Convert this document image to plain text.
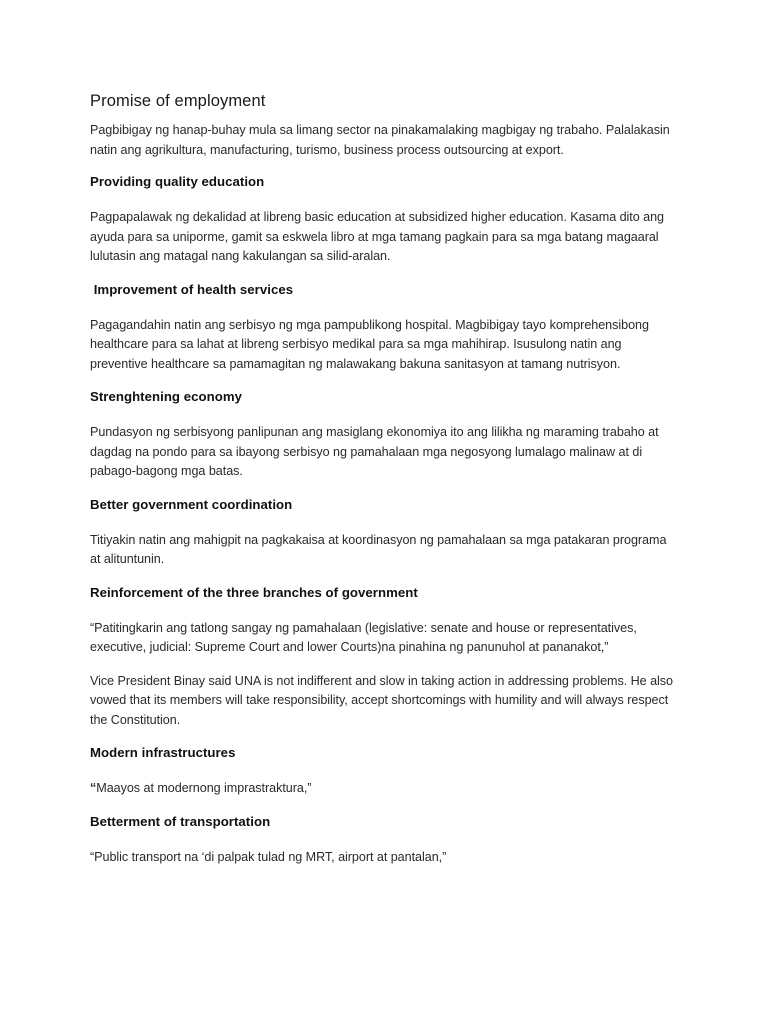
Promise of employment

Pagbibigay ng hanap-buhay mula sa limang sector na pinakamalaking magbigay ng trabaho. Palalakasin
natin ang agrikultura, manufacturing, turismo, business process outsourcing at export.

Providing quality education

Pagpapalawak ng dekalidad at libreng basic education at subsidized higher education. Kasama dito ang
ayuda para sa uniporme, gamit sa eskwela libro at mga tamang pagkain para sa mga batang magaaral
lulutasin ang matagal nang kakulangan sa silid-aralan.

Improvement of health services

Pagagandahin natin ang serbisyo ng mga pampublikong hospital. Magbibigay tayo komprehensibong
healthcare para sa lahat at libreng serbisyo medikal para sa mga mahihirap. Isusulong natin ang
preventive healthcare sa pamamagitan ng malawakang bakuna sanitasyon at tamang nutrisyon.

Strenghtening economy

Pundasyon ng serbisyong panlipunan ang masiglang ekonomiya ito ang lilikha ng maraming trabaho at
dagdag na pondo para sa ibayong serbisyo ng pamahalaan mga negosyong lumalago malinaw at di
pabago-bagong mga batas.

Better government coordination

Titiyakin natin ang mahigpit na pagkakaisa at koordinasyon ng pamahalaan sa mga patakaran programa
at alituntunin.

Reinforcement of the three branches of government

“Patitingkarin ang tatlong sangay ng pamahalaan (legislative: senate and house or representatives,
executive, judicial: Supreme Court and lower Courts)na pinahina ng panunuhol at pananakot,”

Vice President Binay said UNA is not indifferent and slow in taking action in addressing problems. He also
vowed that its members will take responsibility, accept shortcomings with humility and will always respect
the Constitution.

Modern infrastructures

“Maayos at modernong imprastraktura,”

Betterment of transportation

“Public transport na ‘di palpak tulad ng MRT, airport at pantalan,”
